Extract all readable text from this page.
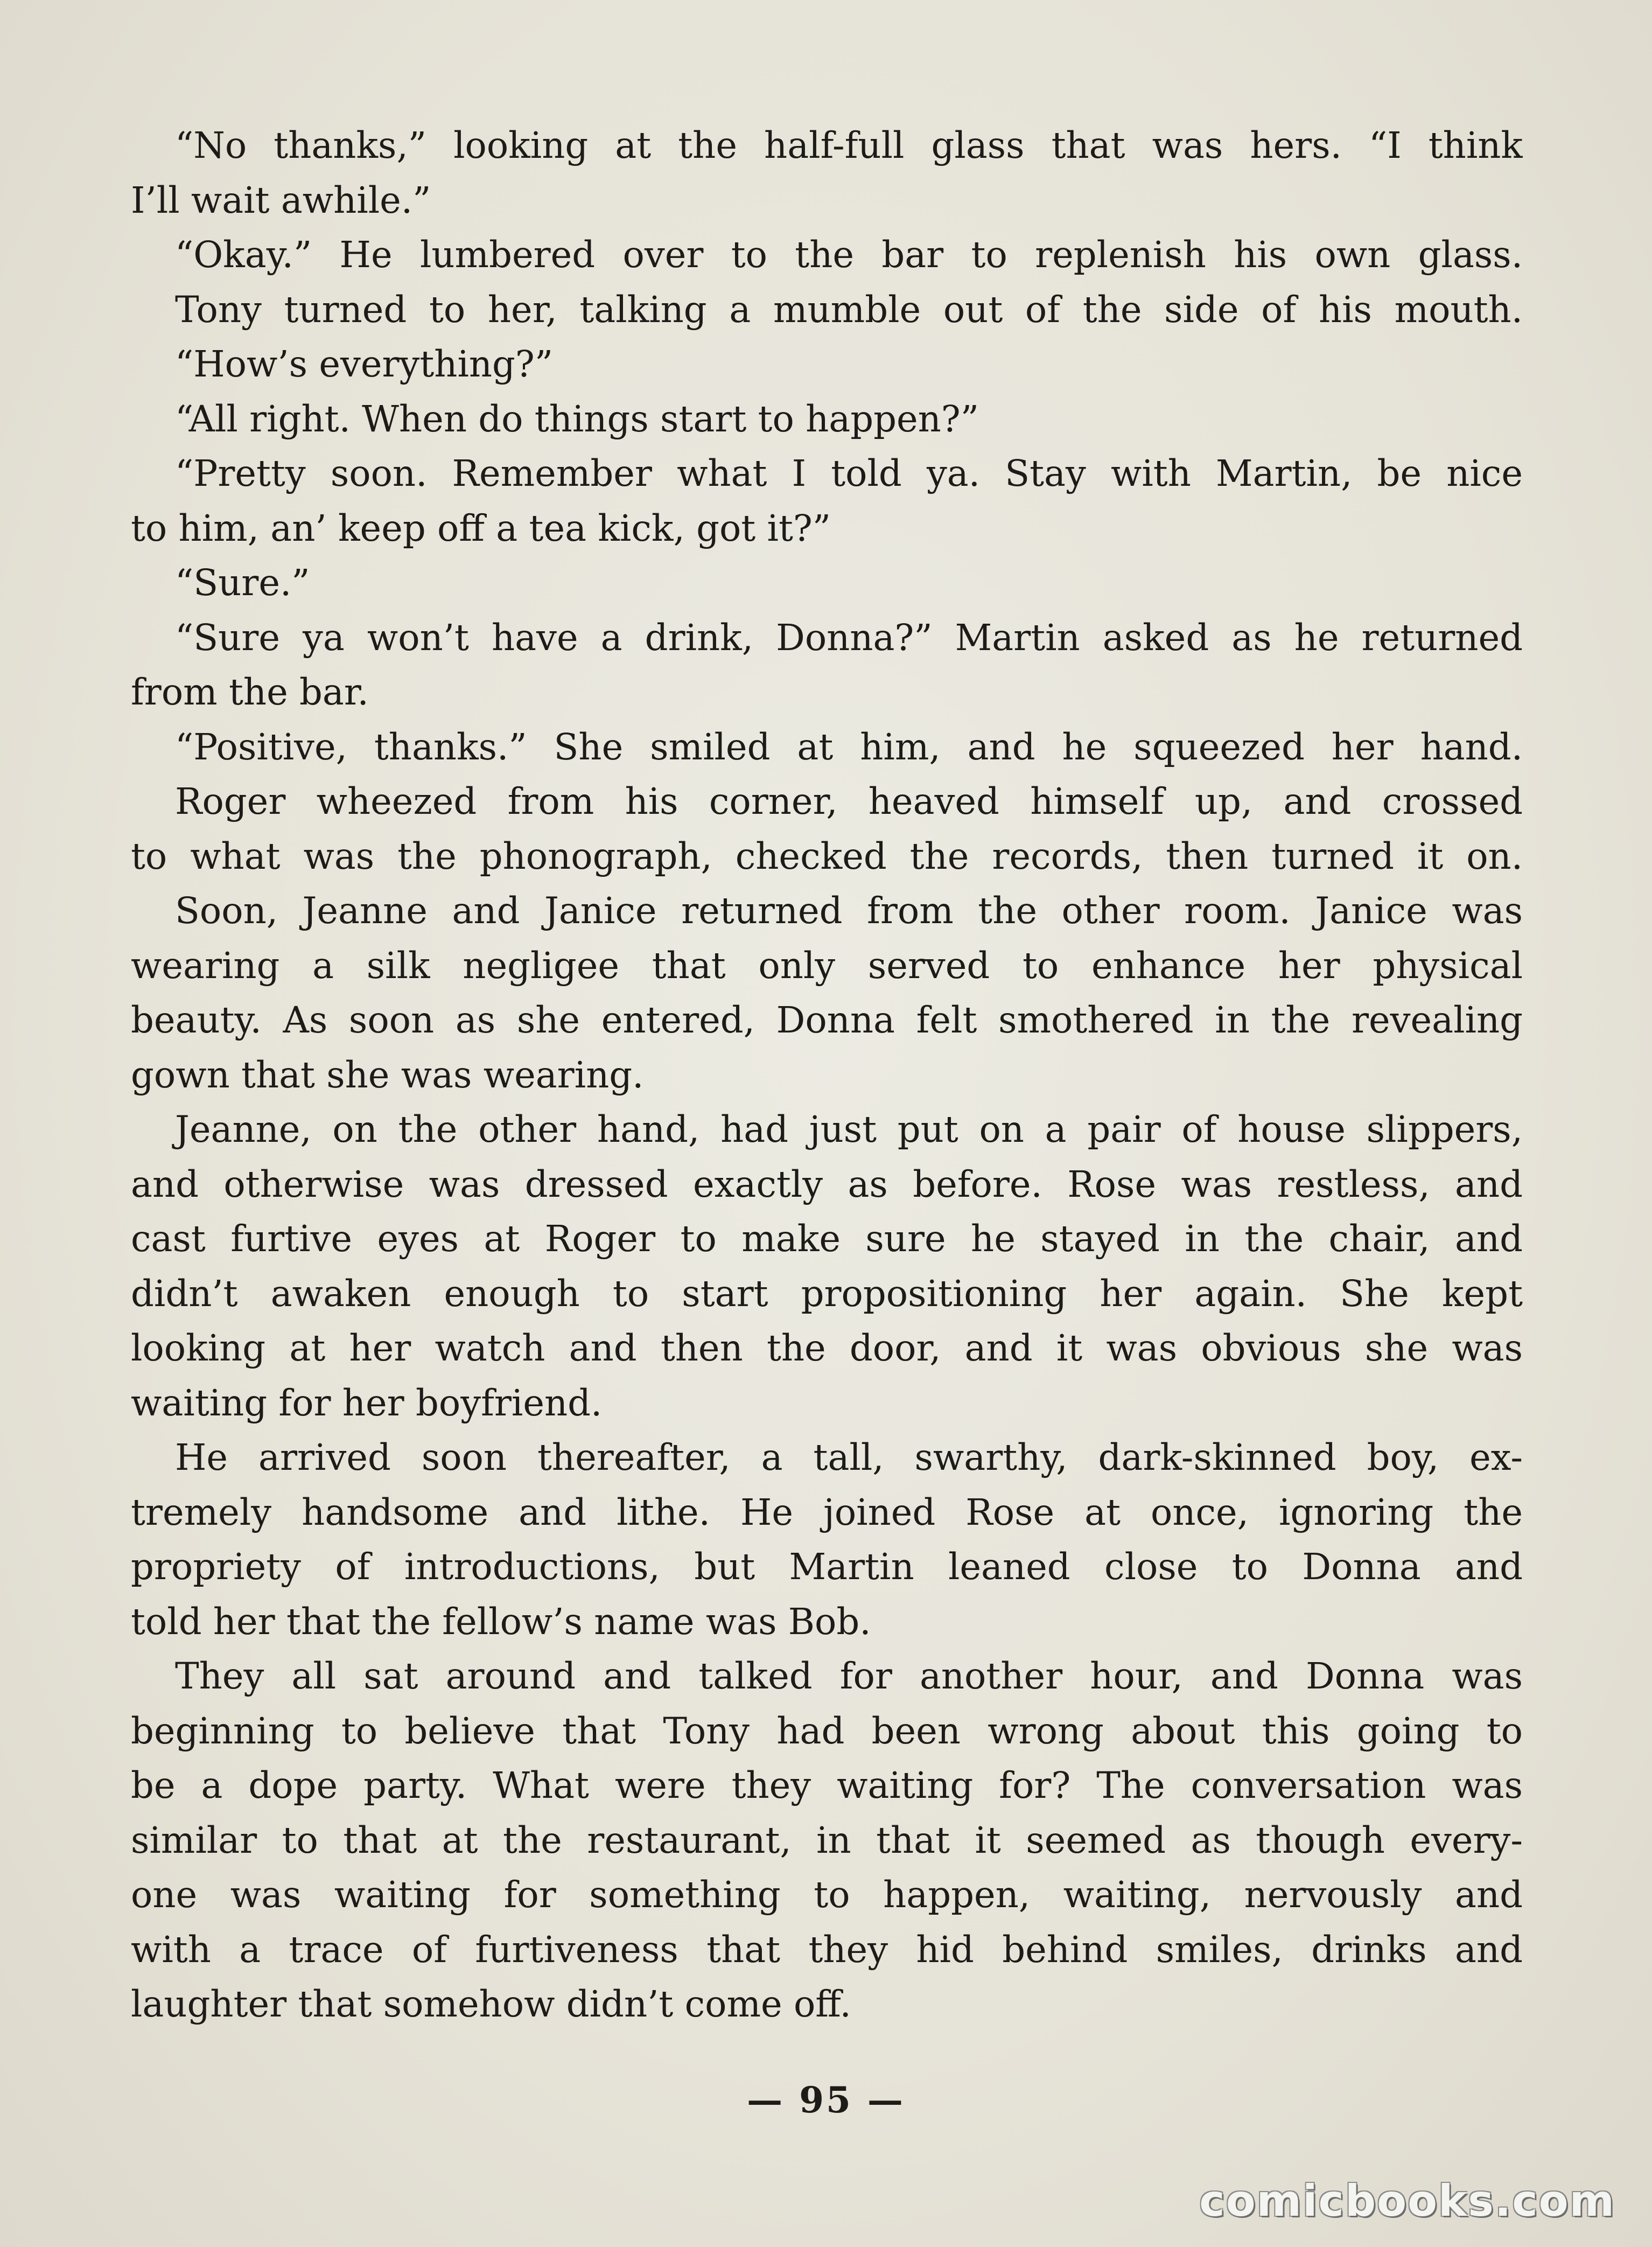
“No thanks,” looking at the half-full glass that was hers. “I think
I’ll wait awhile.”
“Okay.” He lumbered over to the bar to replenish his own glass.
Tony turned to her, talking a mumble out of the side of his mouth.
“How’s everything?”
“All right. When do things start to happen?”
“Pretty soon. Remember what I told ya. Stay with Martin, be nice
to him, an’ keep off a tea kick, got it?”
“Sure.”
“Sure ya won’t have a drink, Donna?” Martin asked as he returned
from the bar.
“Positive, thanks.” She smiled at him, and he squeezed her hand.
Roger wheezed from his corner, heaved himself up, and crossed
to what was the phonograph, checked the records, then turned it on.
Soon, Jeanne and Janice returned from the other room. Janice was
wearing a silk negligee that only served to enhance her physical
beauty. As soon as she entered, Donna felt smothered in the revealing
gown that she was wearing.
Jeanne, on the other hand, had just put on a pair of house slippers,
and otherwise was dressed exactly as before. Rose was restless, and
cast furtive eyes at Roger to make sure he stayed in the chair, and
didn’t awaken enough to start propositioning her again. She kept
looking at her watch and then the door, and it was obvious she was
waiting for her boyfriend.
He arrived soon thereafter, a tall, swarthy, dark-skinned boy, ex-
tremely handsome and lithe. He joined Rose at once, ignoring the
propriety of introductions, but Martin leaned close to Donna and
told her that the fellow’s name was Bob.
They all sat around and talked for another hour, and Donna was
beginning to believe that Tony had been wrong about this going to
be a dope party. What were they waiting for? The conversation was
similar to that at the restaurant, in that it seemed as though every-
one was waiting for something to happen, waiting, nervously and
with a trace of furtiveness that they hid behind smiles, drinks and
laughter that somehow didn’t come off.
— 95 —
comicbooks.com
